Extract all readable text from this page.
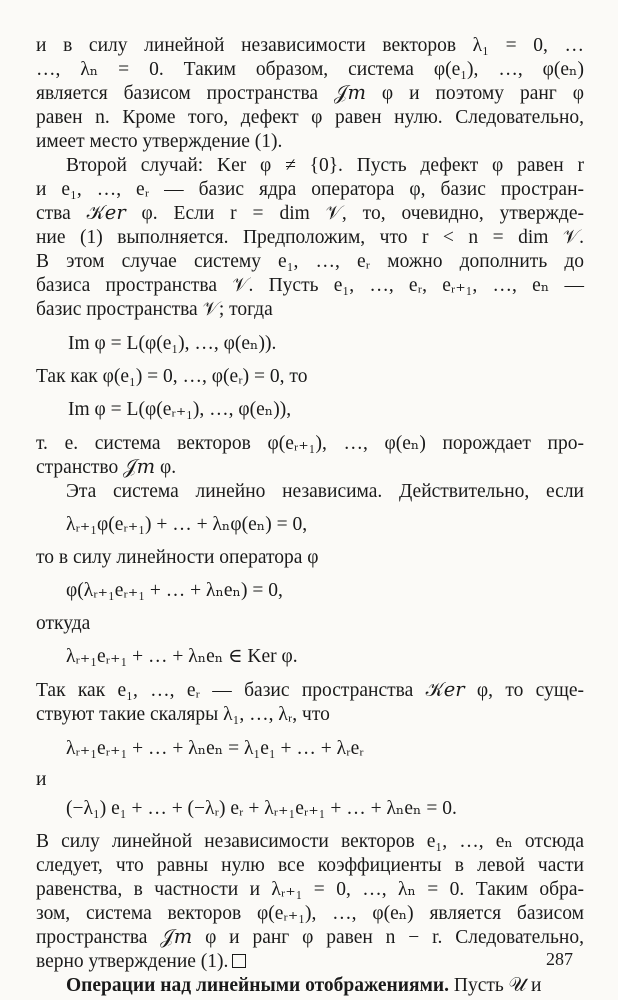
и в силу линейной независимости векторов λ₁ = 0, …
…, λₙ = 0. Таким образом, система φ(e₁), …, φ(eₙ)
является базисом пространства 𝒥𝑚 φ и поэтому ранг φ
равен n. Кроме того, дефект φ равен нулю. Следовательно,
имеет место утверждение (1).
Второй случай: Ker φ ≠ {0}. Пусть дефект φ равен r
и e₁, …, eᵣ — базис ядра оператора φ, базис простран-
ства 𝒦𝑒𝑟 φ. Если r = dim 𝒱, то, очевидно, утвержде-
ние (1) выполняется. Предположим, что r < n = dim 𝒱.
В этом случае систему e₁, …, eᵣ можно дополнить до
базиса пространства 𝒱. Пусть e₁, …, eᵣ, eᵣ₊₁, …, eₙ —
базис пространства 𝒱; тогда
Im φ = L(φ(e₁), …, φ(eₙ)).
Так как φ(e₁) = 0, …, φ(eᵣ) = 0, то
Im φ = L(φ(eᵣ₊₁), …, φ(eₙ)),
т. е. система векторов φ(eᵣ₊₁), …, φ(eₙ) порождает про-
странство 𝒥𝑚 φ.
Эта система линейно независима. Действительно, если
λᵣ₊₁φ(eᵣ₊₁) + … + λₙφ(eₙ) = 0,
то в силу линейности оператора φ
φ(λᵣ₊₁eᵣ₊₁ + … + λₙeₙ) = 0,
откуда
λᵣ₊₁eᵣ₊₁ + … + λₙeₙ ∈ Ker φ.
Так как e₁, …, eᵣ — базис пространства 𝒦𝑒𝑟 φ, то суще-
ствуют такие скаляры λ₁, …, λᵣ, что
λᵣ₊₁eᵣ₊₁ + … + λₙeₙ = λ₁e₁ + … + λᵣeᵣ
и
(−λ₁) e₁ + … + (−λᵣ) eᵣ + λᵣ₊₁eᵣ₊₁ + … + λₙeₙ = 0.
В силу линейной независимости векторов e₁, …, eₙ отсюда
следует, что равны нулю все коэффициенты в левой части
равенства, в частности и λᵣ₊₁ = 0, …, λₙ = 0. Таким обра-
зом, система векторов φ(eᵣ₊₁), …, φ(eₙ) является базисом
пространства 𝒥𝑚 φ и ранг φ равен n − r. Следовательно,
верно утверждение (1).
Операции над линейными отображениями. Пусть 𝒰 и
287
